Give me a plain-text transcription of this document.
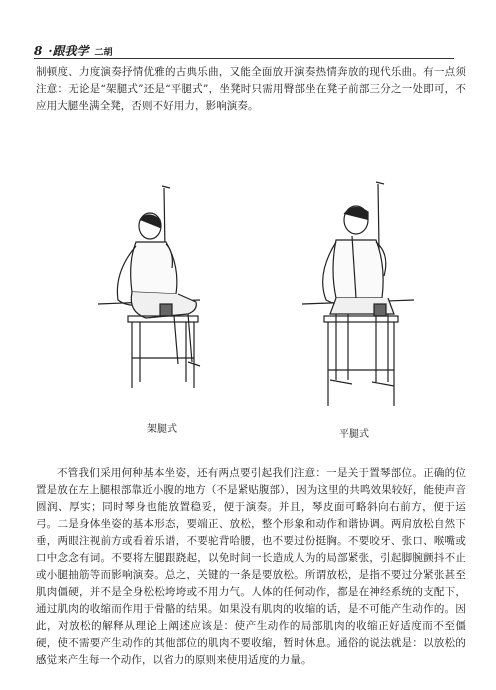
8 ·跟我学 二胡
制顿度、力度演奏抒情优雅的古典乐曲，又能全面放开演奏热情奔放的现代乐曲。有一点须注意：无论是“架腿式”还是“平腿式”，坐凳时只需用臀部坐在凳子前部三分之一处即可，不应用大腿坐满全凳，否则不好用力，影响演奏。
架腿式	平腿式
不管我们采用何种基本坐姿，还有两点要引起我们注意：一是关于置琴部位。正确的位置是放在左上腿根部靠近小腹的地方（不是紧贴腹部），因为这里的共鸣效果较好，能使声音圆润、厚实；同时琴身也能放置稳妥，便于演奏。并且，琴皮面可略斜向右前方，便于运弓。二是身体坐姿的基本形态，要端正、放松，整个形象和动作和谐协调。两肩放松自然下垂，两眼注视前方或看着乐谱，不要驼背哈腰，也不要过份挺胸。不要咬牙、张口、喉嘴或口中念念有词。不要将左腿跟跷起，以免时间一长造成人为的局部紧张，引起脚腕颤抖不止或小腿抽筋等而影响演奏。总之，关键的一条是要放松。所谓放松，是指不要过分紧张甚至肌肉僵硬，并不是全身松松垮垮或不用力气。人体的任何动作，都是在神经系统的支配下，通过肌肉的收缩而作用于骨骼的结果。如果没有肌肉的收缩的话，是不可能产生动作的。因此，对放松的解释从理论上阐述应该是：使产生动作的局部肌肉的收缩正好适度而不至僵硬，使不需要产生动作的其他部位的肌肉不要收缩，暂时休息。通俗的说法就是：以放松的感觉来产生每一个动作，以省力的原则来使用适度的力量。
